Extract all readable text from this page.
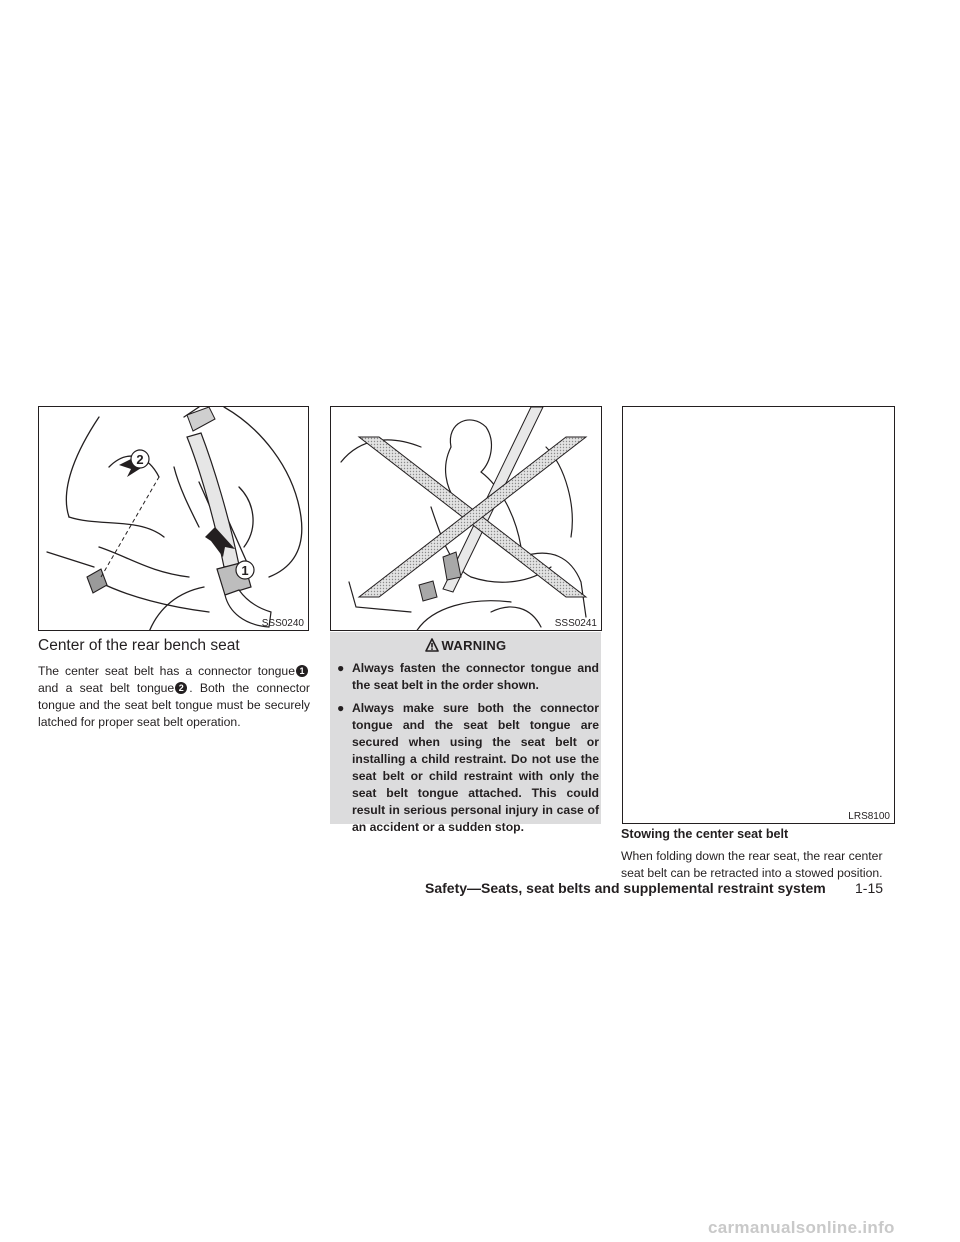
2
1
SSS0240	SSS0241
LRS8100
Center of the rear bench seat
The center seat belt has a connector tongue 1 and a seat belt tongue 2 . Both the connector tongue and the seat belt tongue must be securely latched for proper seat belt operation.
WARNING
● Always fasten the connector tongue and the seat belt in the order shown.
● Always make sure both the connector tongue and the seat belt tongue are secured when using the seat belt or installing a child restraint. Do not use the seat belt or child restraint with only the seat belt tongue attached. This could result in serious personal injury in case of an accident or a sudden stop.	Stowing the center seat belt
When folding down the rear seat, the rear center seat belt can be retracted into a stowed position.
Safety—Seats, seat belts and supplemental restraint system 1-15
carmanualsonline.info
